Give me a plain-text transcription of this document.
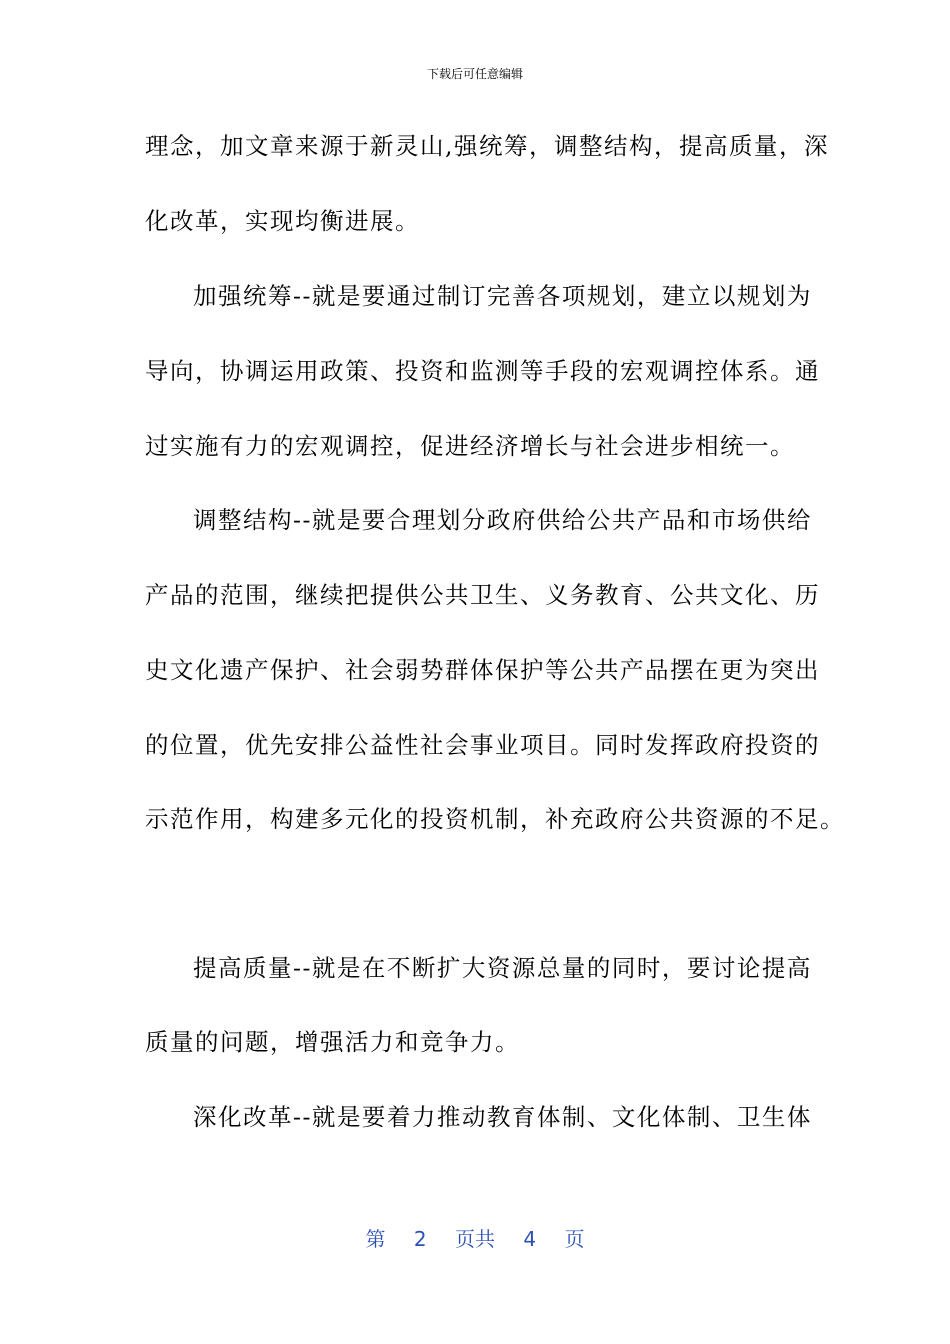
下载后可任意编辑
理念，加文章来源于新灵山,强统筹，调整结构，提高质量，深
化改革，实现均衡进展。
加强统筹--就是要通过制订完善各项规划，建立以规划为
导向，协调运用政策、投资和监测等手段的宏观调控体系。通
过实施有力的宏观调控，促进经济增长与社会进步相统一。
调整结构--就是要合理划分政府供给公共产品和市场供给
产品的范围，继续把提供公共卫生、义务教育、公共文化、历
史文化遗产保护、社会弱势群体保护等公共产品摆在更为突出
的位置，优先安排公益性社会事业项目。同时发挥政府投资的
示范作用，构建多元化的投资机制，补充政府公共资源的不足。
提高质量--就是在不断扩大资源总量的同时，要讨论提高
质量的问题，增强活力和竞争力。
深化改革--就是要着力推动教育体制、文化体制、卫生体
第 2 页共 4 页
